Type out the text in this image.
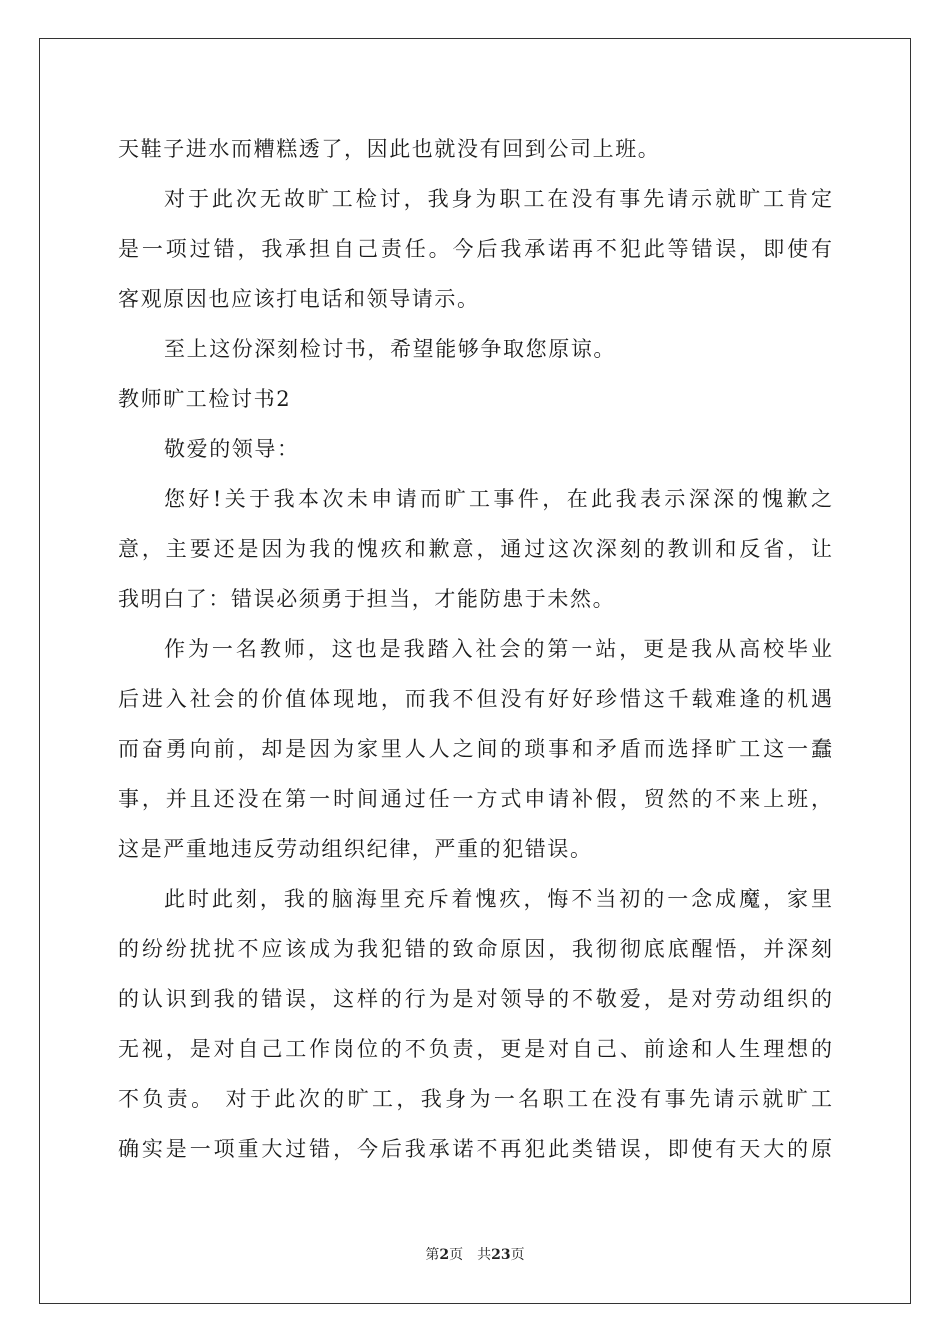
天鞋子进水而糟糕透了，因此也就没有回到公司上班。
对于此次无故旷工检讨，我身为职工在没有事先请示就旷工肯定
是一项过错，我承担自己责任。今后我承诺再不犯此等错误，即使有
客观原因也应该打电话和领导请示。
至上这份深刻检讨书，希望能够争取您原谅。
教师旷工检讨书2
敬爱的领导：
您好!关于我本次未申请而旷工事件，在此我表示深深的愧歉之
意，主要还是因为我的愧疚和歉意，通过这次深刻的教训和反省，让
我明白了：错误必须勇于担当，才能防患于未然。
作为一名教师，这也是我踏入社会的第一站，更是我从高校毕业
后进入社会的价值体现地，而我不但没有好好珍惜这千载难逢的机遇
而奋勇向前，却是因为家里人人之间的琐事和矛盾而选择旷工这一蠢
事，并且还没在第一时间通过任一方式申请补假，贸然的不来上班，
这是严重地违反劳动组织纪律，严重的犯错误。
此时此刻，我的脑海里充斥着愧疚，悔不当初的一念成魔，家里
的纷纷扰扰不应该成为我犯错的致命原因，我彻彻底底醒悟，并深刻
的认识到我的错误，这样的行为是对领导的不敬爱，是对劳动组织的
无视，是对自己工作岗位的不负责，更是对自己、前途和人生理想的
不负责。 对于此次的旷工，我身为一名职工在没有事先请示就旷工
确实是一项重大过错，今后我承诺不再犯此类错误，即使有天大的原
第2页 共23页
